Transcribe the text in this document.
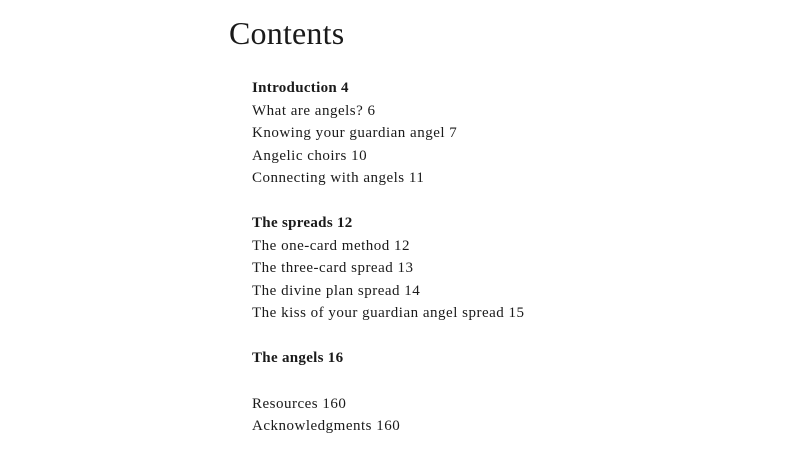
Contents
Introduction 4
What are angels? 6
Knowing your guardian angel 7
Angelic choirs 10
Connecting with angels 11
The spreads 12
The one-card method 12
The three-card spread 13
The divine plan spread 14
The kiss of your guardian angel spread 15
The angels 16
Resources 160
Acknowledgments 160
